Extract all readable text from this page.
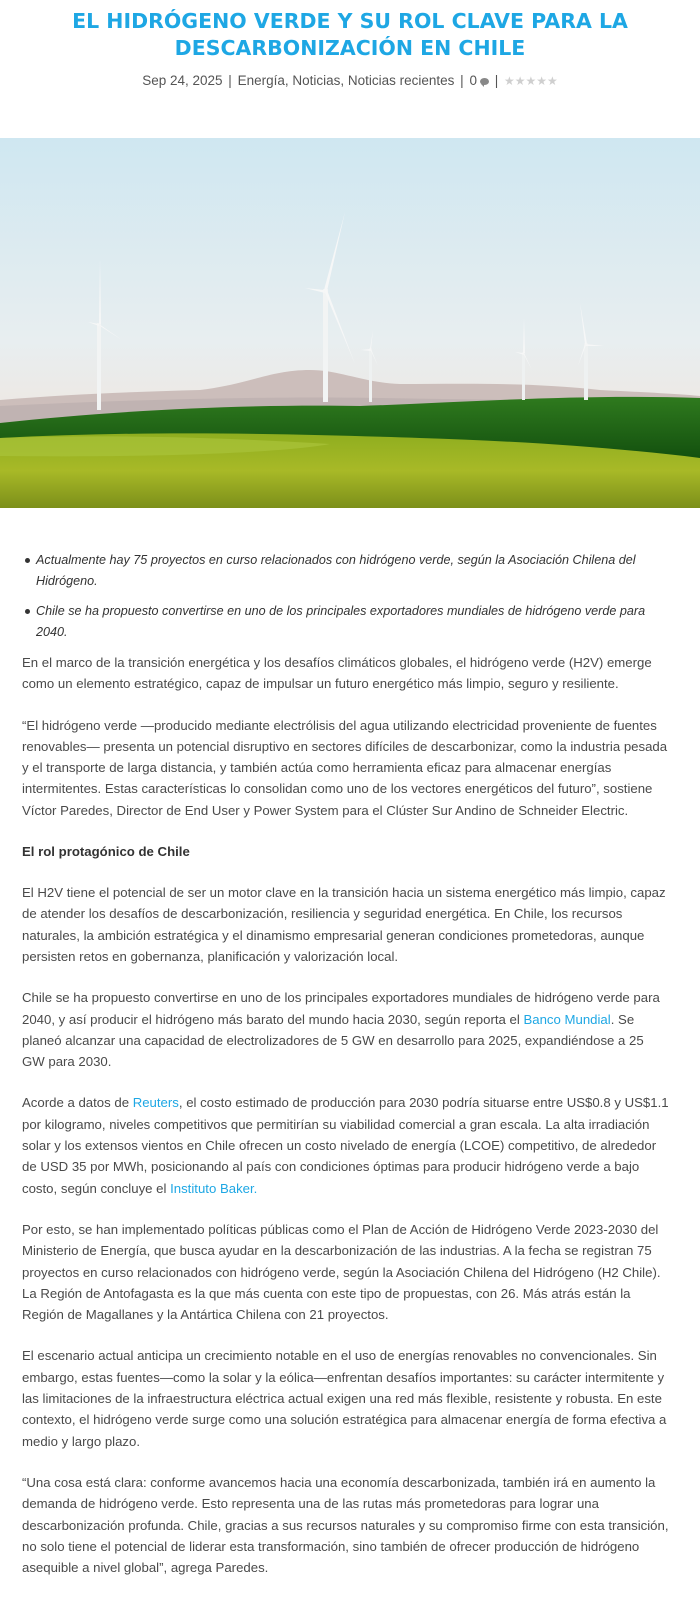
EL HIDRÓGENO VERDE Y SU ROL CLAVE PARA LA DESCARBONIZACIÓN EN CHILE
Sep 24, 2025 | Energía, Noticias, Noticias recientes | 0 | ★★★★★
Actualmente hay 75 proyectos en curso relacionados con hidrógeno verde, según la Asociación Chilena del Hidrógeno.
Chile se ha propuesto convertirse en uno de los principales exportadores mundiales de hidrógeno verde para 2040.

En el marco de la transición energética y los desafíos climáticos globales, el hidrógeno verde (H2V) emerge como un elemento estratégico, capaz de impulsar un futuro energético más limpio, seguro y resiliente.

“El hidrógeno verde —producido mediante electrólisis del agua utilizando electricidad proveniente de fuentes renovables— presenta un potencial disruptivo en sectores difíciles de descarbonizar, como la industria pesada y el transporte de larga distancia, y también actúa como herramienta eficaz para almacenar energías intermitentes. Estas características lo consolidan como uno de los vectores energéticos del futuro”, sostiene Víctor Paredes, Director de End User y Power System para el Clúster Sur Andino de Schneider Electric.

El rol protagónico de Chile

El H2V tiene el potencial de ser un motor clave en la transición hacia un sistema energético más limpio, capaz de atender los desafíos de descarbonización, resiliencia y seguridad energética. En Chile, los recursos naturales, la ambición estratégica y el dinamismo empresarial generan condiciones prometedoras, aunque persisten retos en gobernanza, planificación y valorización local.

Chile se ha propuesto convertirse en uno de los principales exportadores mundiales de hidrógeno verde para 2040, y así producir el hidrógeno más barato del mundo hacia 2030, según reporta el Banco Mundial. Se planeó alcanzar una capacidad de electrolizadores de 5 GW en desarrollo para 2025, expandiéndose a 25 GW para 2030.

Acorde a datos de Reuters, el costo estimado de producción para 2030 podría situarse entre US$0.8 y US$1.1 por kilogramo, niveles competitivos que permitirían su viabilidad comercial a gran escala. La alta irradiación solar y los extensos vientos en Chile ofrecen un costo nivelado de energía (LCOE) competitivo, de alrededor de USD 35 por MWh, posicionando al país con condiciones óptimas para producir hidrógeno verde a bajo costo, según concluye el Instituto Baker.

Por esto, se han implementado políticas públicas como el Plan de Acción de Hidrógeno Verde 2023-2030 del Ministerio de Energía, que busca ayudar en la descarbonización de las industrias. A la fecha se registran 75 proyectos en curso relacionados con hidrógeno verde, según la Asociación Chilena del Hidrógeno (H2 Chile). La Región de Antofagasta es la que más cuenta con este tipo de propuestas, con 26. Más atrás están la Región de Magallanes y la Antártica Chilena con 21 proyectos.

El escenario actual anticipa un crecimiento notable en el uso de energías renovables no convencionales. Sin embargo, estas fuentes—como la solar y la eólica—enfrentan desafíos importantes: su carácter intermitente y las limitaciones de la infraestructura eléctrica actual exigen una red más flexible, resistente y robusta. En este contexto, el hidrógeno verde surge como una solución estratégica para almacenar energía de forma efectiva a medio y largo plazo.

“Una cosa está clara: conforme avancemos hacia una economía descarbonizada, también irá en aumento la demanda de hidrógeno verde. Esto representa una de las rutas más prometedoras para lograr una descarbonización profunda. Chile, gracias a sus recursos naturales y su compromiso firme con esta transición, no solo tiene el potencial de liderar esta transformación, sino también de ofrecer producción de hidrógeno asequible a nivel global”, agrega Paredes.
